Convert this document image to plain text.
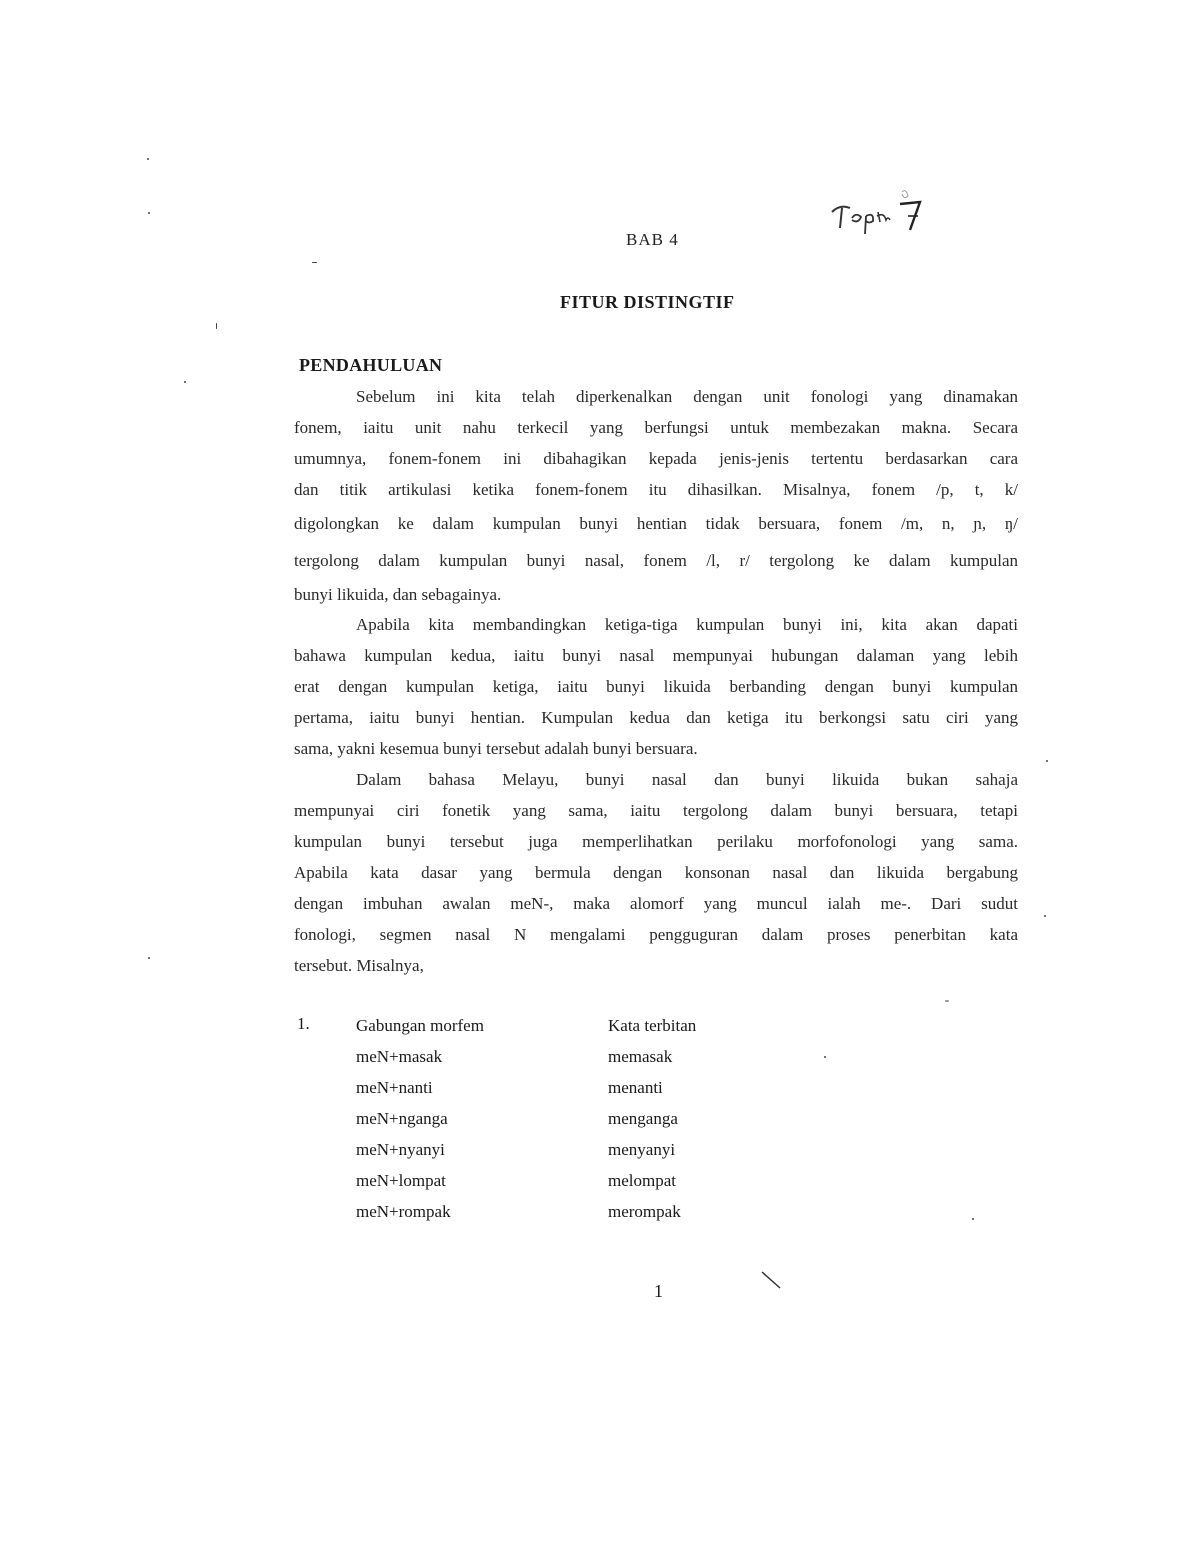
BAB 4
FITUR DISTINGTIF
PENDAHULUAN
Sebelum ini kita telah diperkenalkan dengan unit fonologi yang dinamakan
fonem, iaitu unit nahu terkecil yang berfungsi untuk membezakan makna. Secara
umumnya, fonem-fonem ini dibahagikan kepada jenis-jenis tertentu berdasarkan cara
dan titik artikulasi ketika fonem-fonem itu dihasilkan. Misalnya, fonem /p, t, k/
digolongkan ke dalam kumpulan bunyi hentian tidak bersuara, fonem /m, n, ɲ, ŋ/
tergolong dalam kumpulan bunyi nasal, fonem /l, r/ tergolong ke dalam kumpulan
bunyi likuida, dan sebagainya.
Apabila kita membandingkan ketiga-tiga kumpulan bunyi ini, kita akan dapati
bahawa kumpulan kedua, iaitu bunyi nasal mempunyai hubungan dalaman yang lebih
erat dengan kumpulan ketiga, iaitu bunyi likuida berbanding dengan bunyi kumpulan
pertama, iaitu bunyi hentian. Kumpulan kedua dan ketiga itu berkongsi satu ciri yang
sama, yakni kesemua bunyi tersebut adalah bunyi bersuara.
Dalam bahasa Melayu, bunyi nasal dan bunyi likuida bukan sahaja
mempunyai ciri fonetik yang sama, iaitu tergolong dalam bunyi bersuara, tetapi
kumpulan bunyi tersebut juga memperlihatkan perilaku morfofonologi yang sama.
Apabila kata dasar yang bermula dengan konsonan nasal dan likuida bergabung
dengan imbuhan awalan meN-, maka alomorf yang muncul ialah me-. Dari sudut
fonologi, segmen nasal N mengalami pengguguran dalam proses penerbitan kata
tersebut. Misalnya,
1.	Gabungan morfem
meN+masak
meN+nanti
meN+nganga
meN+nyanyi
meN+lompat
meN+rompak
Kata terbitan
memasak
menanti
menganga
menyanyi
melompat
merompak
1
